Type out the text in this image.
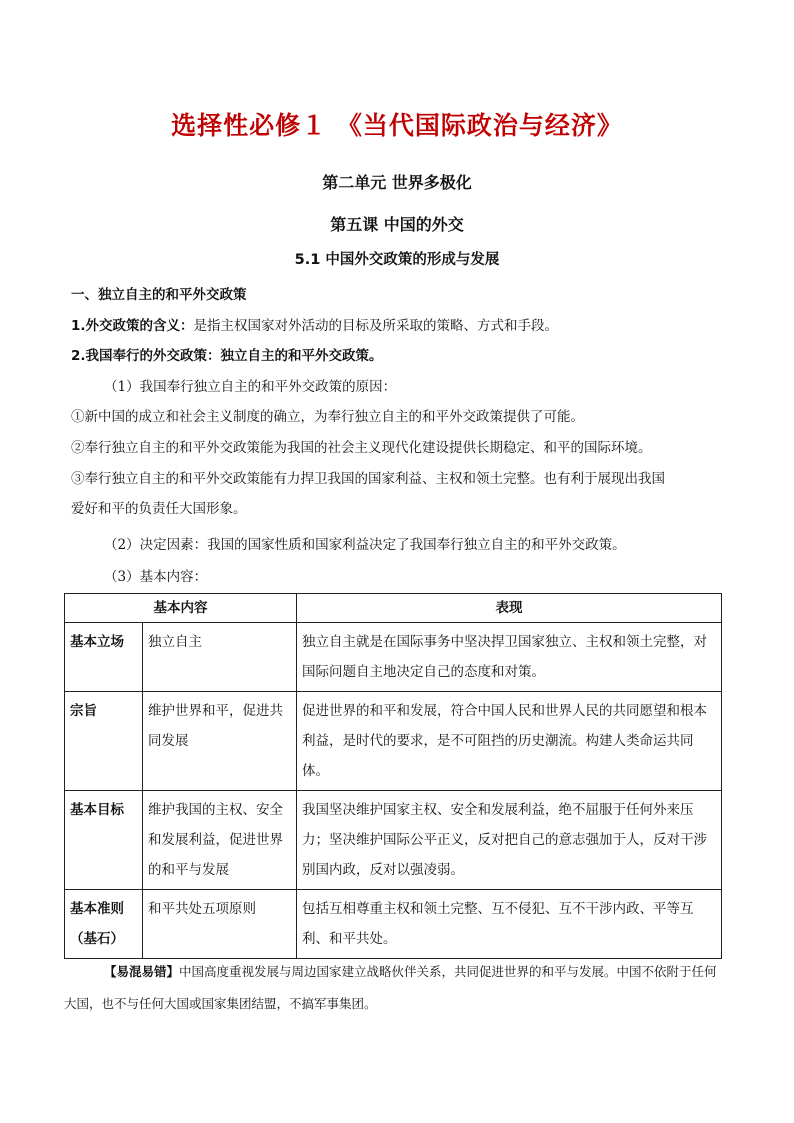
选择性必修１ 《当代国际政治与经济》
第二单元 世界多极化
第五课 中国的外交
5.1 中国外交政策的形成与发展
一、独立自主的和平外交政策
1.外交政策的含义：是指主权国家对外活动的目标及所采取的策略、方式和手段。
2.我国奉行的外交政策：独立自主的和平外交政策。
（1）我国奉行独立自主的和平外交政策的原因：
①新中国的成立和社会主义制度的确立，为奉行独立自主的和平外交政策提供了可能。
②奉行独立自主的和平外交政策能为我国的社会主义现代化建设提供长期稳定、和平的国际环境。
③奉行独立自主的和平外交政策能有力捍卫我国的国家利益、主权和领土完整。也有利于展现出我国
爱好和平的负责任大国形象。
（2）决定因素：我国的国家性质和国家利益决定了我国奉行独立自主的和平外交政策。
（3）基本内容：
基本内容		表现
基本立场	独立自主	独立自主就是在国际事务中坚决捍卫国家独立、主权和领土完整，对国际问题自主地决定自己的态度和对策。
宗旨	维护世界和平，促进共同发展	促进世界的和平和发展，符合中国人民和世界人民的共同愿望和根本利益，是时代的要求，是不可阻挡的历史潮流。构建人类命运共同体。
基本目标	维护我国的主权、安全和发展利益，促进世界的和平与发展	我国坚决维护国家主权、安全和发展利益，绝不屈服于任何外来压力；坚决维护国际公平正义，反对把自己的意志强加于人，反对干涉别国内政，反对以强凌弱。
基本准则（基石）	和平共处五项原则	包括互相尊重主权和领土完整、互不侵犯、互不干涉内政、平等互利、和平共处。
【易混易错】中国高度重视发展与周边国家建立战略伙伴关系，共同促进世界的和平与发展。中国不依附于任何大国，也不与任何大国或国家集团结盟，不搞军事集团。
